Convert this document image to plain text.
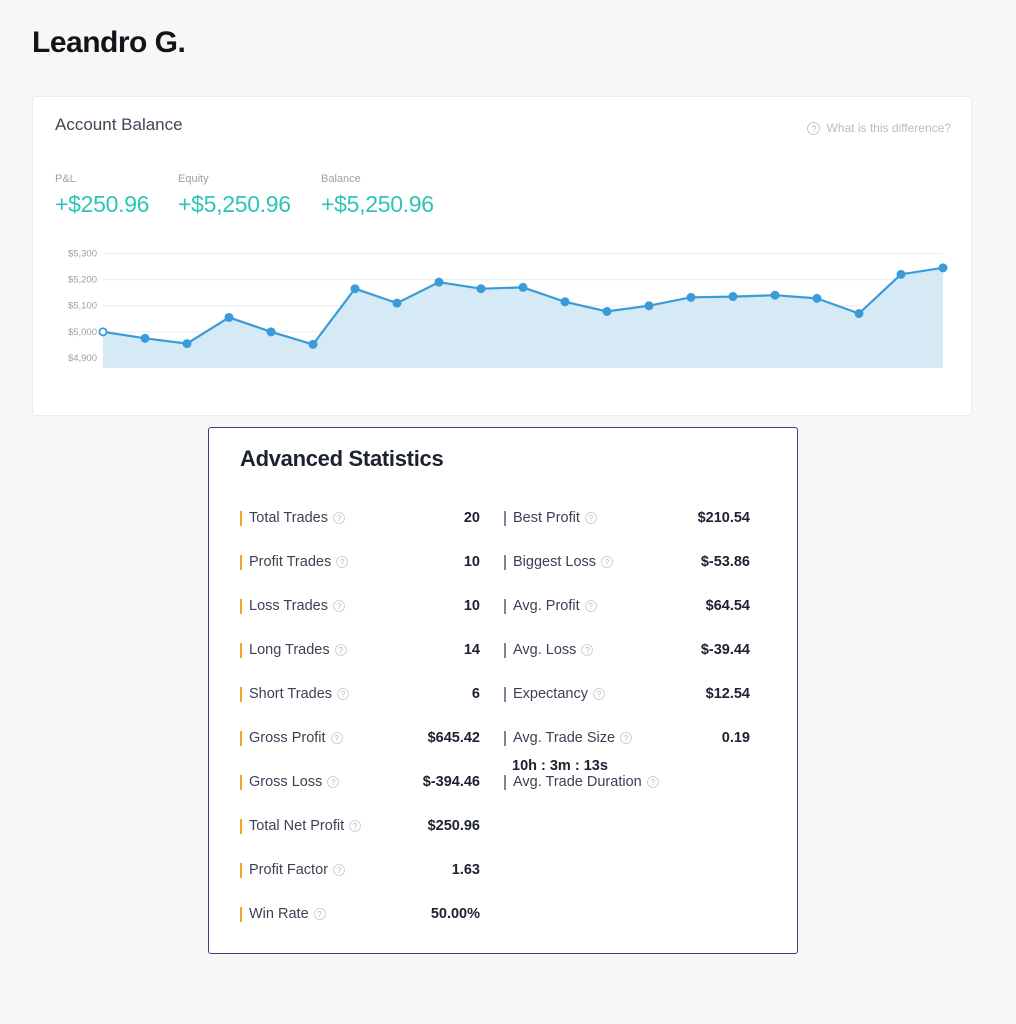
Leandro G.
Account Balance	? What is this difference?
P&L
+$250.96
Equity
+$5,250.96
Balance
+$5,250.96
$4,900
$5,000
$5,100
$5,200
$5,300
Advanced Statistics
Total Trades ?	20
Profit Trades ?	10
Loss Trades ?	10
Long Trades ?	14
Short Trades ?	6
Gross Profit ?	$645.42
Gross Loss ?	$-394.46
Total Net Profit ?	$250.96
Profit Factor ?	1.63
Win Rate ?	50.00%
Best Profit ?	$210.54
Biggest Loss ?	$-53.86
Avg. Profit ?	$64.54
Avg. Loss ?	$-39.44
Expectancy ?	$12.54
Avg. Trade Size ?	0.19
Avg. Trade Duration ?
10h : 3m : 13s
